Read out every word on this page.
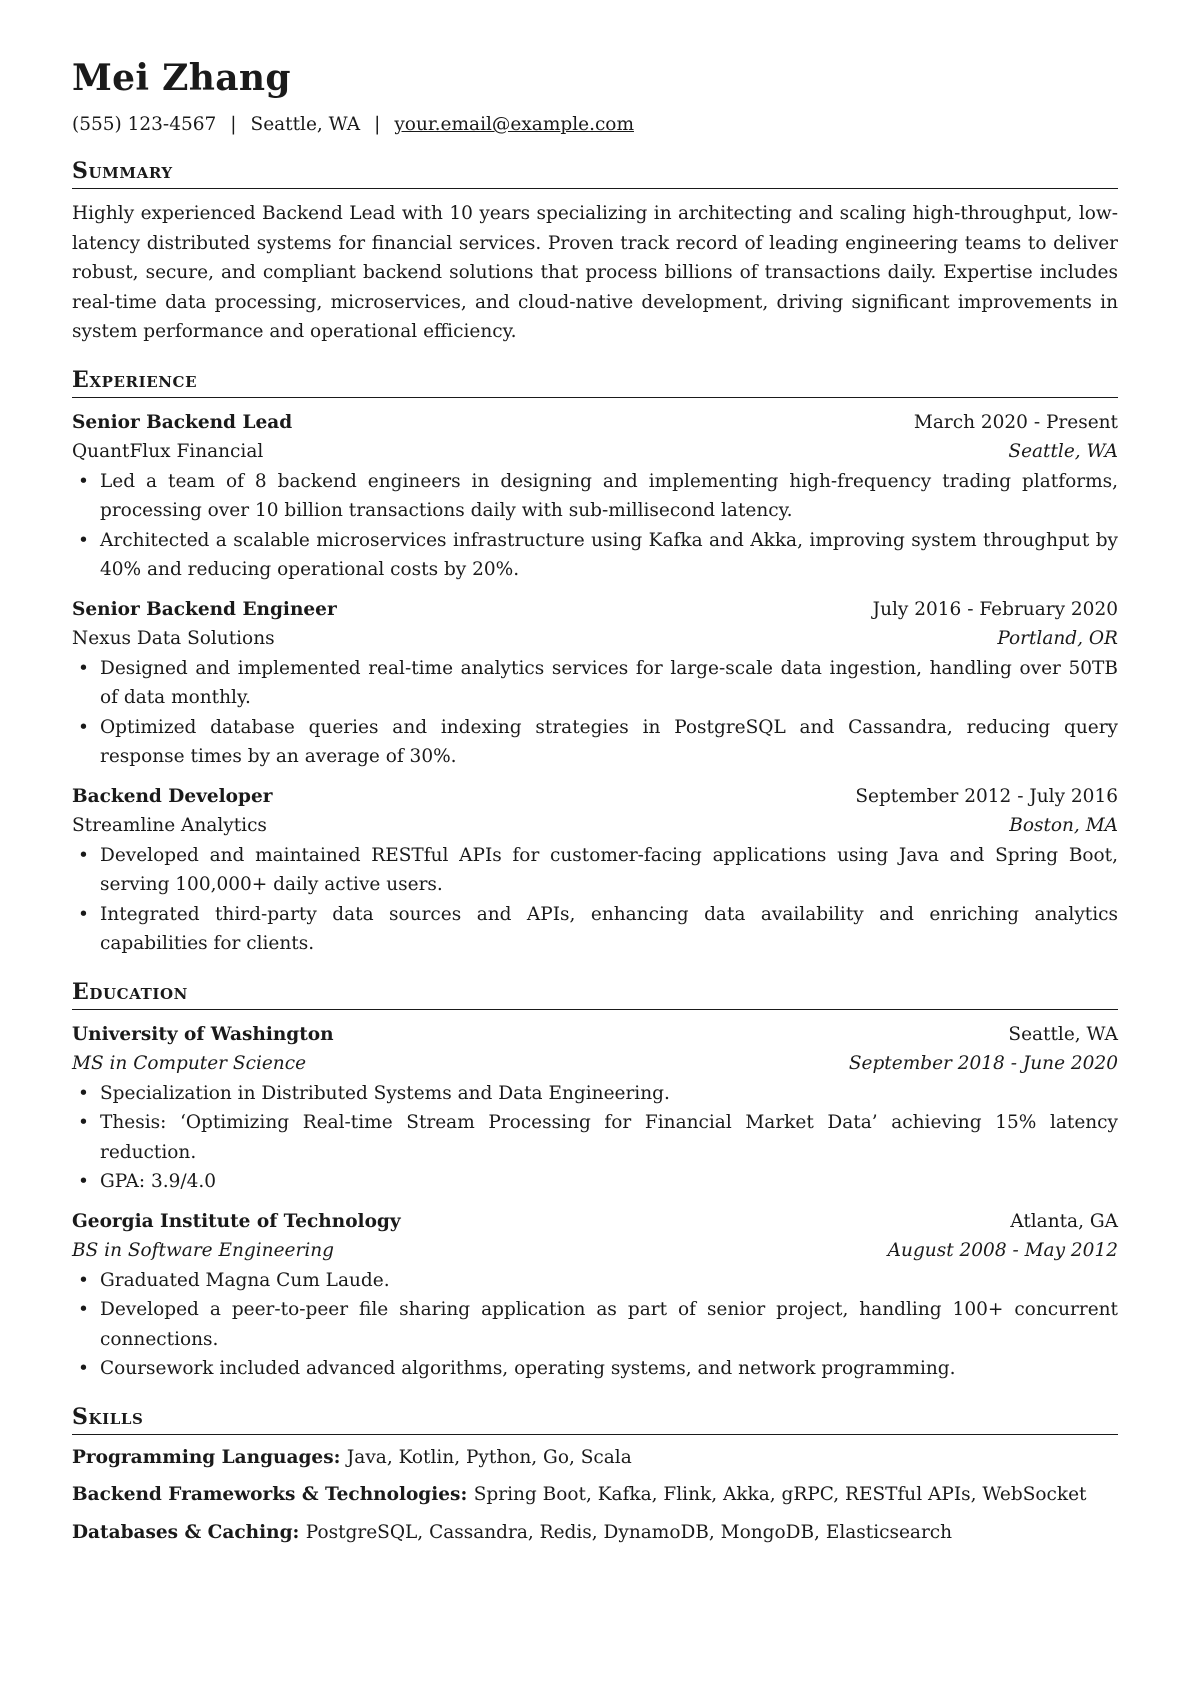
Mei Zhang
(555) 123-4567 | Seattle, WA | your.email@example.com
Summary
Highly experienced Backend Lead with 10 years specializing in architecting and scaling high-throughput, low-latency distributed systems for financial services. Proven track record of leading engineering teams to deliver robust, secure, and compliant backend solutions that process billions of transactions daily. Expertise includes real-time data processing, microservices, and cloud-native development, driving significant improvements in system performance and operational efficiency.
Experience
Senior Backend Lead	March 2020 - Present
QuantFlux Financial	Seattle, WA
• Led a team of 8 backend engineers in designing and implementing high-frequency trading platforms, processing over 10 billion transactions daily with sub-millisecond latency.
• Architected a scalable microservices infrastructure using Kafka and Akka, improving system throughput by 40% and reducing operational costs by 20%.
Senior Backend Engineer	July 2016 - February 2020
Nexus Data Solutions	Portland, OR
• Designed and implemented real-time analytics services for large-scale data ingestion, handling over 50TB of data monthly.
• Optimized database queries and indexing strategies in PostgreSQL and Cassandra, reducing query response times by an average of 30%.
Backend Developer	September 2012 - July 2016
Streamline Analytics	Boston, MA
• Developed and maintained RESTful APIs for customer-facing applications using Java and Spring Boot, serving 100,000+ daily active users.
• Integrated third-party data sources and APIs, enhancing data availability and enriching analytics capabilities for clients.
Education
University of Washington	Seattle, WA
MS in Computer Science	September 2018 - June 2020
• Specialization in Distributed Systems and Data Engineering.
• Thesis: ‘Optimizing Real-time Stream Processing for Financial Market Data’ achieving 15% latency reduction.
• GPA: 3.9/4.0
Georgia Institute of Technology	Atlanta, GA
BS in Software Engineering	August 2008 - May 2012
• Graduated Magna Cum Laude.
• Developed a peer-to-peer file sharing application as part of senior project, handling 100+ concurrent connections.
• Coursework included advanced algorithms, operating systems, and network programming.
Skills
Programming Languages: Java, Kotlin, Python, Go, Scala
Backend Frameworks & Technologies: Spring Boot, Kafka, Flink, Akka, gRPC, RESTful APIs, WebSocket
Databases & Caching: PostgreSQL, Cassandra, Redis, DynamoDB, MongoDB, Elasticsearch
